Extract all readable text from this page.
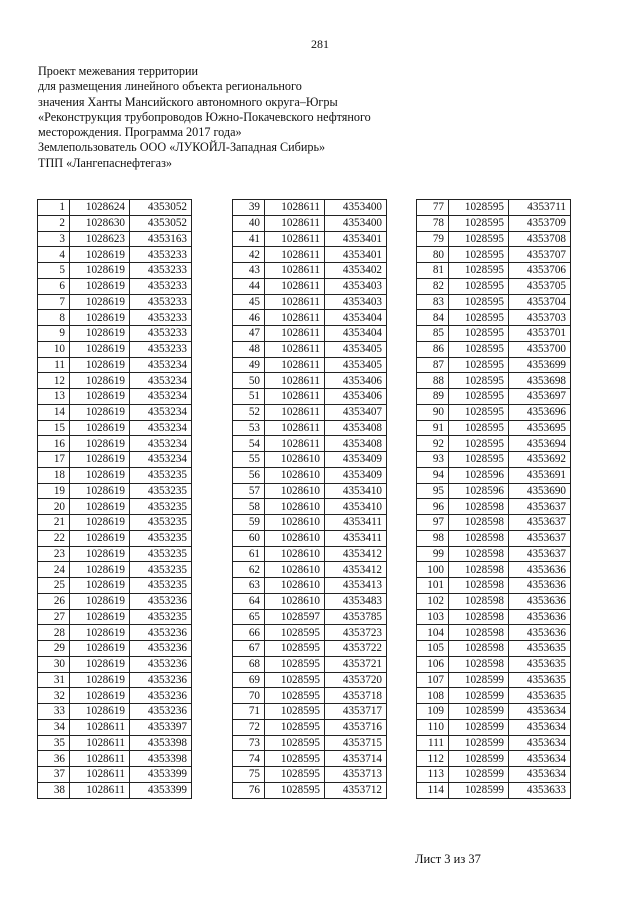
281
Проект межевания территории
для размещения линейного объекта регионального
значения Ханты Мансийского автономного округа–Югры
«Реконструкция трубопроводов Южно-Покачевского нефтяного
месторождения. Программа 2017 года»
Землепользователь ООО «ЛУКОЙЛ-Западная Сибирь»
ТПП «Лангепаснефтегаз»
1	1028624	4353052
2	1028630	4353052
3	1028623	4353163
4	1028619	4353233
5	1028619	4353233
6	1028619	4353233
7	1028619	4353233
8	1028619	4353233
9	1028619	4353233
10	1028619	4353233
11	1028619	4353234
12	1028619	4353234
13	1028619	4353234
14	1028619	4353234
15	1028619	4353234
16	1028619	4353234
17	1028619	4353234
18	1028619	4353235
19	1028619	4353235
20	1028619	4353235
21	1028619	4353235
22	1028619	4353235
23	1028619	4353235
24	1028619	4353235
25	1028619	4353235
26	1028619	4353236
27	1028619	4353235
28	1028619	4353236
29	1028619	4353236
30	1028619	4353236
31	1028619	4353236
32	1028619	4353236
33	1028619	4353236
34	1028611	4353397
35	1028611	4353398
36	1028611	4353398
37	1028611	4353399
38	1028611	4353399
39	1028611	4353400
40	1028611	4353400
41	1028611	4353401
42	1028611	4353401
43	1028611	4353402
44	1028611	4353403
45	1028611	4353403
46	1028611	4353404
47	1028611	4353404
48	1028611	4353405
49	1028611	4353405
50	1028611	4353406
51	1028611	4353406
52	1028611	4353407
53	1028611	4353408
54	1028611	4353408
55	1028610	4353409
56	1028610	4353409
57	1028610	4353410
58	1028610	4353410
59	1028610	4353411
60	1028610	4353411
61	1028610	4353412
62	1028610	4353412
63	1028610	4353413
64	1028610	4353483
65	1028597	4353785
66	1028595	4353723
67	1028595	4353722
68	1028595	4353721
69	1028595	4353720
70	1028595	4353718
71	1028595	4353717
72	1028595	4353716
73	1028595	4353715
74	1028595	4353714
75	1028595	4353713
76	1028595	4353712
77	1028595	4353711
78	1028595	4353709
79	1028595	4353708
80	1028595	4353707
81	1028595	4353706
82	1028595	4353705
83	1028595	4353704
84	1028595	4353703
85	1028595	4353701
86	1028595	4353700
87	1028595	4353699
88	1028595	4353698
89	1028595	4353697
90	1028595	4353696
91	1028595	4353695
92	1028595	4353694
93	1028595	4353692
94	1028596	4353691
95	1028596	4353690
96	1028598	4353637
97	1028598	4353637
98	1028598	4353637
99	1028598	4353637
100	1028598	4353636
101	1028598	4353636
102	1028598	4353636
103	1028598	4353636
104	1028598	4353636
105	1028598	4353635
106	1028598	4353635
107	1028599	4353635
108	1028599	4353635
109	1028599	4353634
110	1028599	4353634
111	1028599	4353634
112	1028599	4353634
113	1028599	4353634
114	1028599	4353633
Лист 3 из 37
